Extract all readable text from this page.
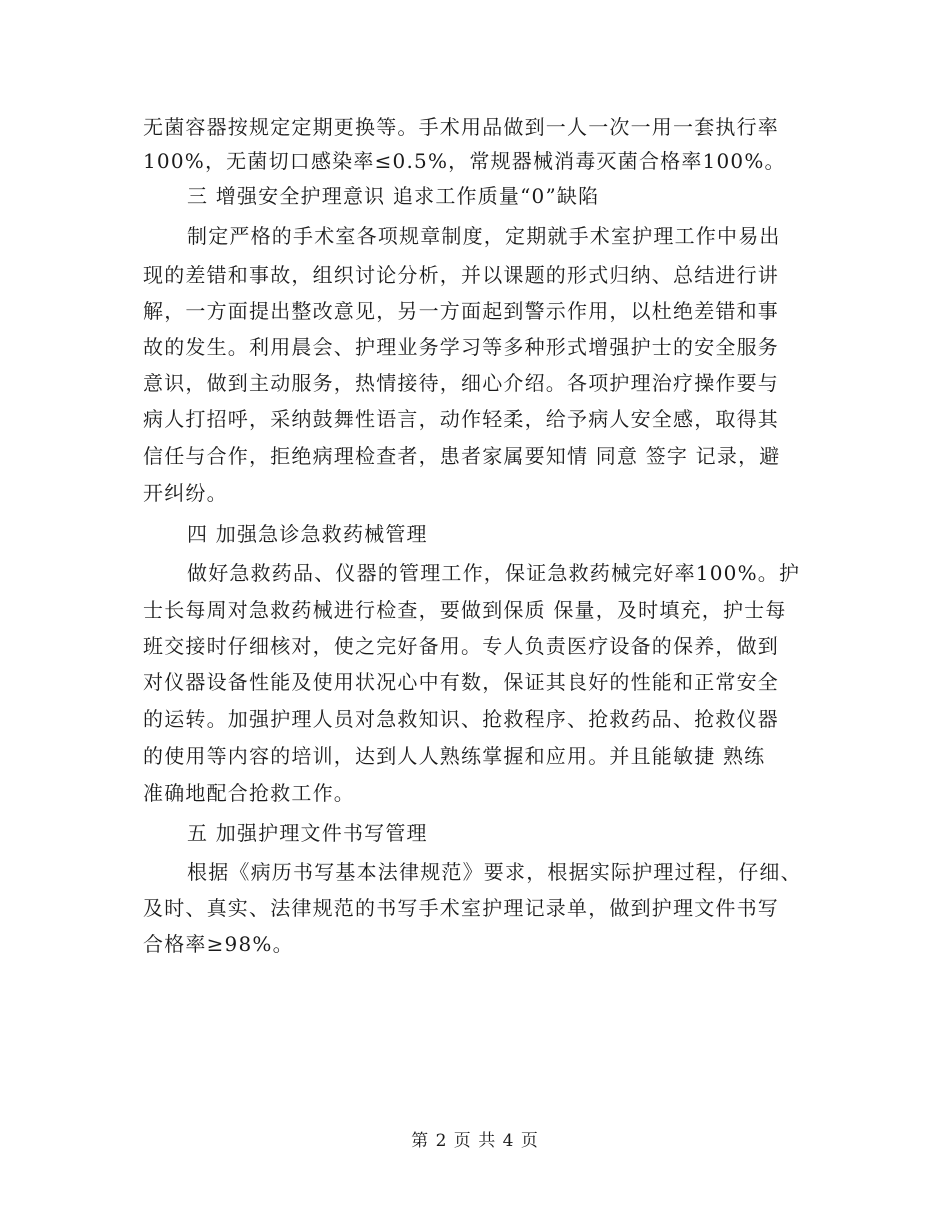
无菌容器按规定定期更换等。手术用品做到一人一次一用一套执行率
100%，无菌切口感染率≤0.5%，常规器械消毒灭菌合格率100%。
三 增强安全护理意识 追求工作质量“0”缺陷
制定严格的手术室各项规章制度，定期就手术室护理工作中易出
现的差错和事故，组织讨论分析，并以课题的形式归纳、总结进行讲
解，一方面提出整改意见，另一方面起到警示作用，以杜绝差错和事
故的发生。利用晨会、护理业务学习等多种形式增强护士的安全服务
意识，做到主动服务，热情接待，细心介绍。各项护理治疗操作要与
病人打招呼，采纳鼓舞性语言，动作轻柔，给予病人安全感，取得其
信任与合作，拒绝病理检查者，患者家属要知情 同意 签字 记录，避
开纠纷。
四 加强急诊急救药械管理
做好急救药品、仪器的管理工作，保证急救药械完好率100%。护
士长每周对急救药械进行检查，要做到保质 保量，及时填充，护士每
班交接时仔细核对，使之完好备用。专人负责医疗设备的保养，做到
对仪器设备性能及使用状况心中有数，保证其良好的性能和正常安全
的运转。加强护理人员对急救知识、抢救程序、抢救药品、抢救仪器
的使用等内容的培训，达到人人熟练掌握和应用。并且能敏捷 熟练
准确地配合抢救工作。
五 加强护理文件书写管理
根据《病历书写基本法律规范》要求，根据实际护理过程，仔细、
及时、真实、法律规范的书写手术室护理记录单，做到护理文件书写
合格率≥98%。
第 2 页 共 4 页
